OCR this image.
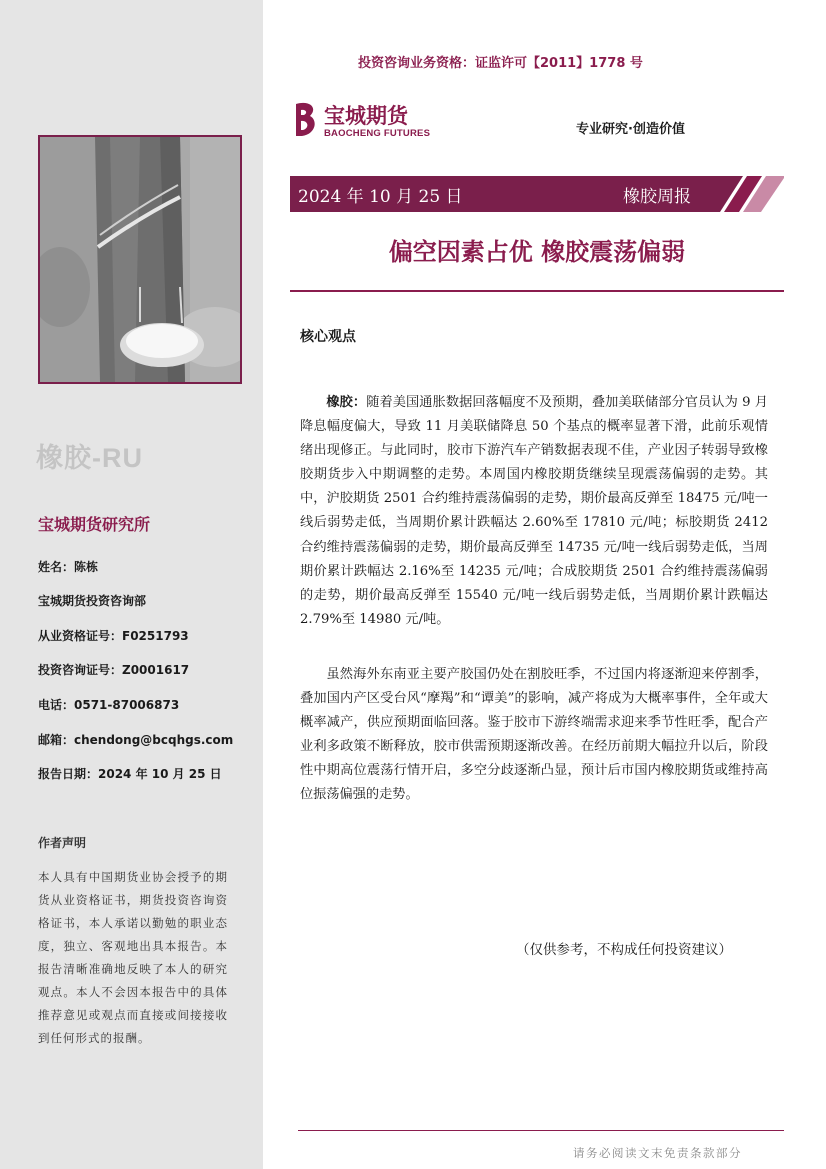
橡胶-RU
宝城期货研究所
姓名：陈栋
宝城期货投资咨询部
从业资格证号：F0251793
投资咨询证号：Z0001617
电话：0571-87006873
邮箱：chendong@bcqhgs.com
报告日期：2024 年 10 月 25 日
作者声明
本人具有中国期货业协会授予的期货从业资格证书，期货投资咨询资格证书，本人承诺以勤勉的职业态度，独立、客观地出具本报告。本报告清晰准确地反映了本人的研究观点。本人不会因本报告中的具体推荐意见或观点而直接或间接接收到任何形式的报酬。
投资咨询业务资格：证监许可【2011】1778 号
宝城期货
BAOCHENG FUTURES	专业研究·创造价值
2024 年 10 月 25 日	橡胶周报
偏空因素占优 橡胶震荡偏弱
核心观点
橡胶：随着美国通胀数据回落幅度不及预期，叠加美联储部分官员认为 9 月降息幅度偏大，导致 11 月美联储降息 50 个基点的概率显著下滑，此前乐观情绪出现修正。与此同时，胶市下游汽车产销数据表现不佳，产业因子转弱导致橡胶期货步入中期调整的走势。本周国内橡胶期货继续呈现震荡偏弱的走势。其中，沪胶期货 2501 合约维持震荡偏弱的走势，期价最高反弹至 18475 元/吨一线后弱势走低，当周期价累计跌幅达 2.60%至 17810 元/吨；标胶期货 2412 合约维持震荡偏弱的走势，期价最高反弹至 14735 元/吨一线后弱势走低，当周期价累计跌幅达 2.16%至 14235 元/吨；合成胶期货 2501 合约维持震荡偏弱的走势，期价最高反弹至 15540 元/吨一线后弱势走低，当周期价累计跌幅达 2.79%至 14980 元/吨。
虽然海外东南亚主要产胶国仍处在割胶旺季，不过国内将逐渐迎来停割季，叠加国内产区受台风“摩羯”和“谭美”的影响，减产将成为大概率事件，全年或大概率减产，供应预期面临回落。鉴于胶市下游终端需求迎来季节性旺季，配合产业利多政策不断释放，胶市供需预期逐渐改善。在经历前期大幅拉升以后，阶段性中期高位震荡行情开启，多空分歧逐渐凸显，预计后市国内橡胶期货或维持高位振荡偏强的走势。
（仅供参考，不构成任何投资建议）
请务必阅读文末免责条款部分
